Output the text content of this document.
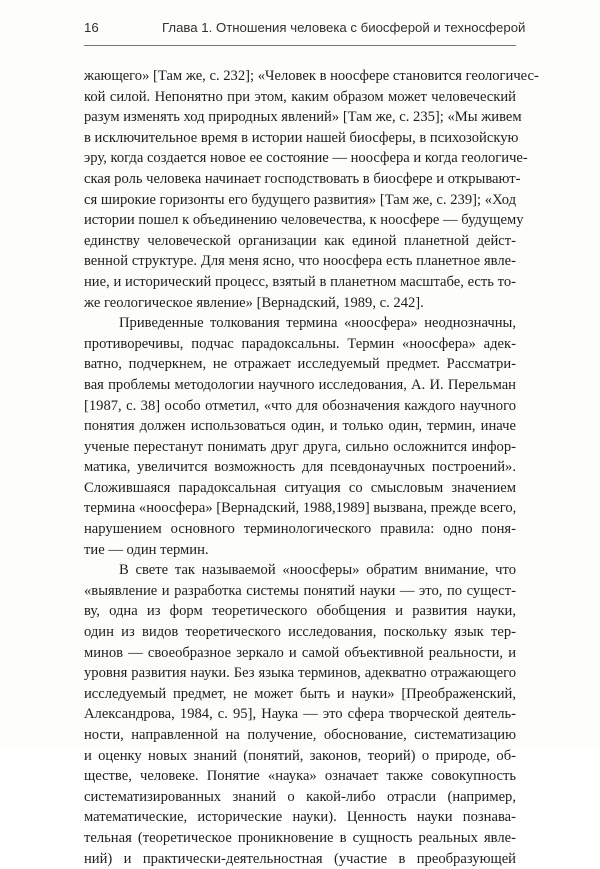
16	Глава 1. Отношения человека с биосферой и техносферой
жающего» [Там же, с. 232]; «Человек в ноосфере становится геологичес-
кой силой. Непонятно при этом, каким образом может человеческий
разум изменять ход природных явлений» [Там же, с. 235]; «Мы живем
в исключительное время в истории нашей биосферы, в психозойскую
эру, когда создается новое ее состояние — ноосфера и когда геологиче-
ская роль человека начинает господствовать в биосфере и открывают-
ся широкие горизонты его будущего развития» [Там же, с. 239]; «Ход
истории пошел к объединению человечества, к ноосфере — будущему
единству человеческой организации как единой планетной дейст-
венной структуре. Для меня ясно, что ноосфера есть планетное явле-
ние, и исторический процесс, взятый в планетном масштабе, есть то-
же геологическое явление» [Вернадский, 1989, с. 242].
Приведенные толкования термина «ноосфера» неоднозначны,
противоречивы, подчас парадоксальны. Термин «ноосфера» адек-
ватно, подчеркнем, не отражает исследуемый предмет. Рассматри-
вая проблемы методологии научного исследования, А. И. Перельман
[1987, с. 38] особо отметил, «что для обозначения каждого научного
понятия должен использоваться один, и только один, термин, иначе
ученые перестанут понимать друг друга, сильно осложнится инфор-
матика, увеличится возможность для псевдонаучных построений».
Сложившаяся парадоксальная ситуация со смысловым значением
термина «ноосфера» [Вернадский, 1988,1989] вызвана, прежде всего,
нарушением основного терминологического правила: одно поня-
тие — один термин.
В свете так называемой «ноосферы» обратим внимание, что
«выявление и разработка системы понятий науки — это, по сущест-
ву, одна из форм теоретического обобщения и развития науки,
один из видов теоретического исследования, поскольку язык тер-
минов — своеобразное зеркало и самой объективной реальности, и
уровня развития науки. Без языка терминов, адекватно отражающего
исследуемый предмет, не может быть и науки» [Преображенский,
Александрова, 1984, с. 95], Наука — это сфера творческой деятель-
ности, направленной на получение, обоснование, систематизацию
и оценку новых знаний (понятий, законов, теорий) о природе, об-
ществе, человеке. Понятие «наука» означает также совокупность
систематизированных знаний о какой-либо отрасли (например,
математические, исторические науки). Ценность науки познава-
тельная (теоретическое проникновение в сущность реальных явле-
ний) и практически-деятельностная (участие в преобразующей
